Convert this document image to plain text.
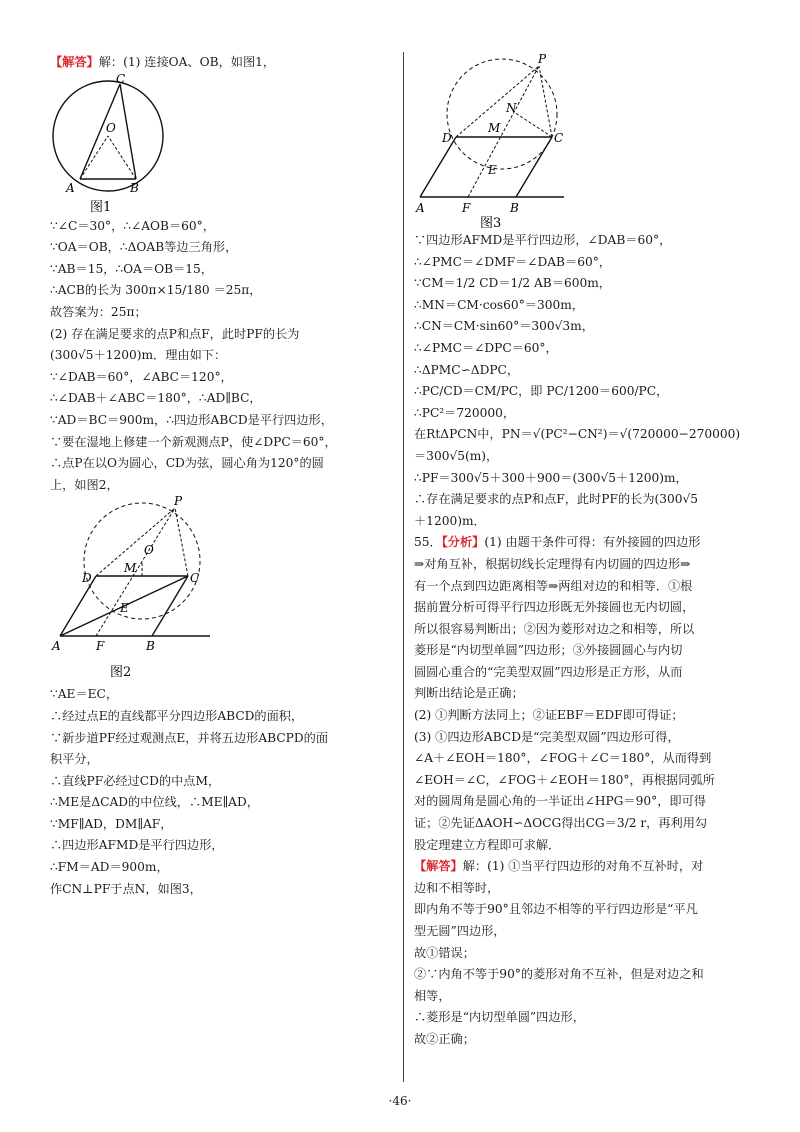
【解答】解：(1) 连接OA、OB，如图1，
C
O
A	B
图1
∵∠C＝30°，∴∠AOB＝60°，
∵OA＝OB，∴ΔOAB等边三角形，
∵AB＝15，∴OA＝OB＝15，
∴ACB的长为 300π×15/180 ＝25π，
故答案为：25π；
(2) 存在满足要求的点P和点F，此时PF的长为
(300√5＋1200)m．理由如下：
∵∠DAB＝60°，∠ABC＝120°，
∴∠DAB＋∠ABC＝180°，∴AD∥BC，
∵AD＝BC＝900m，∴四边形ABCD是平行四边形，
∵要在湿地上修建一个新观测点P，使∠DPC＝60°，
∴点P在以O为圆心，CD为弦，圆心角为120°的圆
上，如图2，
P
O
D
M
C
E
A	F	B
图2
∵AE＝EC，
∴经过点E的直线都平分四边形ABCD的面积，
∵新步道PF经过观测点E，并将五边形ABCPD的面
积平分，
∴直线PF必经过CD的中点M，
∴ME是ΔCAD的中位线，∴ME∥AD，
∵MF∥AD，DM∥AF，
∴四边形AFMD是平行四边形，
∴FM＝AD＝900m，
作CN⊥PF于点N，如图3，
P
N
M
D	C
E
A	F	B
图3
∵四边形AFMD是平行四边形，∠DAB＝60°，
∴∠PMC＝∠DMF＝∠DAB＝60°，
∵CM＝1/2 CD＝1/2 AB＝600m，
∴MN＝CM·cos60°＝300m，
∴CN＝CM·sin60°＝300√3m，
∴∠PMC＝∠DPC＝60°，
∴ΔPMC∽ΔDPC，
∴PC/CD＝CM/PC，即 PC/1200＝600/PC，
∴PC²＝720000，
在RtΔPCN中，PN＝√(PC²−CN²)＝√(720000−270000)
＝300√5(m)，
∴PF＝300√5＋300＋900＝(300√5＋1200)m，
∴存在满足要求的点P和点F，此时PF的长为(300√5
＋1200)m．
55．【分析】(1) 由题干条件可得：有外接圆的四边形
⇒对角互补，根据切线长定理得有内切圆的四边形⇒
有一个点到四边距离相等⇒两组对边的和相等．①根
据前置分析可得平行四边形既无外接圆也无内切圆，
所以很容易判断出；②因为菱形对边之和相等，所以
菱形是“内切型单圆”四边形；③外接圆圆心与内切
圆圆心重合的“完美型双圆”四边形是正方形，从而
判断出结论是正确；
(2) ①判断方法同上；②证EBF＝EDF即可得证；
(3) ①四边形ABCD是“完美型双圆”四边形可得，
∠A＋∠EOH＝180°，∠FOG＋∠C＝180°，从而得到
∠EOH＝∠C，∠FOG＋∠EOH＝180°，再根据同弧所
对的圆周角是圆心角的一半证出∠HPG＝90°，即可得
证；②先证ΔAOH∽ΔOCG得出CG＝3/2 r，再利用勾
股定理建立方程即可求解．
【解答】解：(1) ①当平行四边形的对角不互补时，对
边和不相等时，
即内角不等于90°且邻边不相等的平行四边形是“平凡
型无圆”四边形，
故①错误；
②∵内角不等于90°的菱形对角不互补，但是对边之和
相等，
∴菱形是“内切型单圆”四边形，
故②正确；
·46·
